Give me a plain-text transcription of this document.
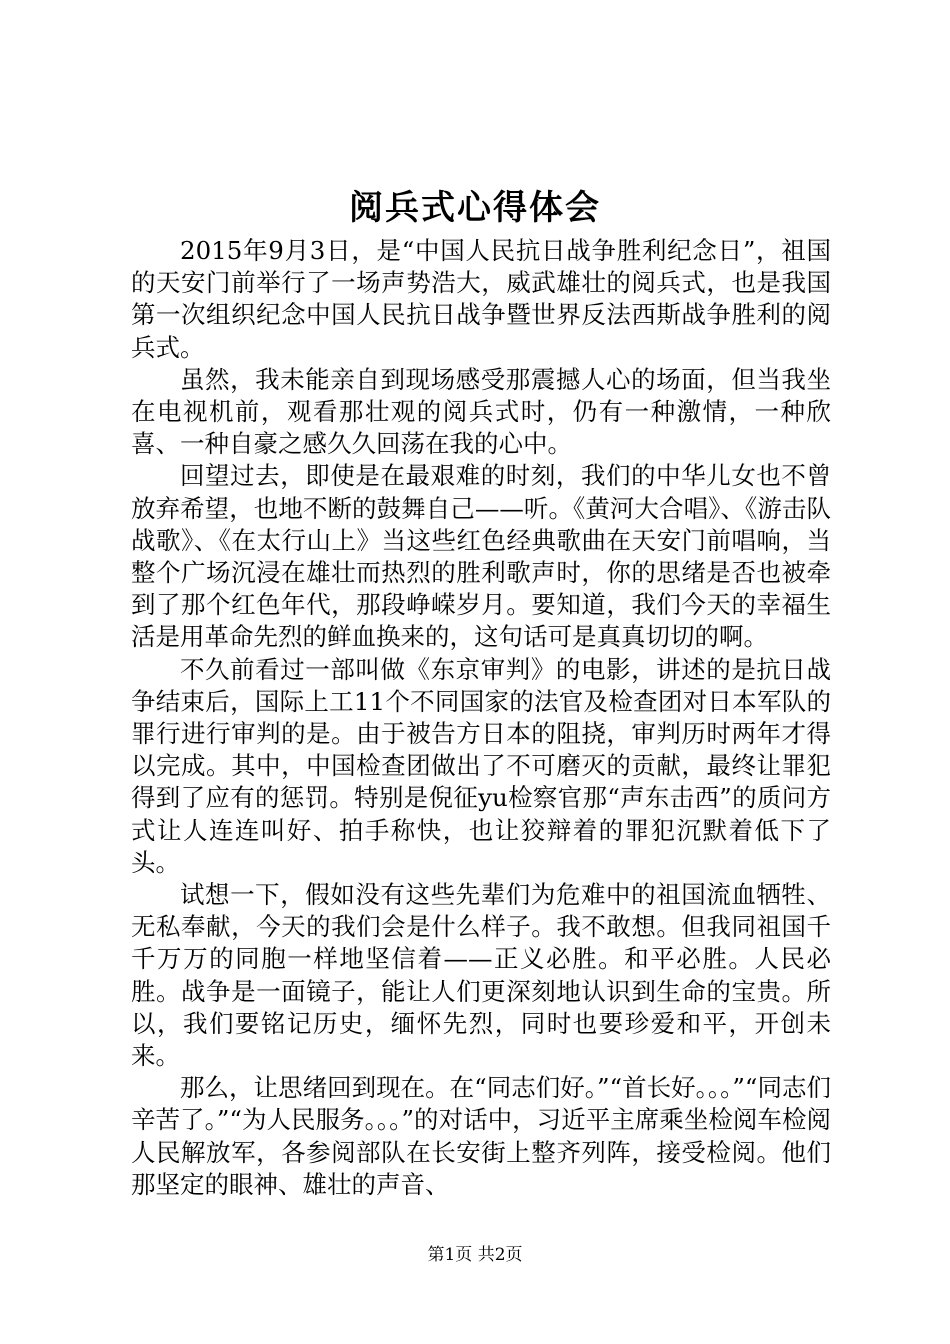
阅兵式心得体会

2015年9月3日，是“中国人民抗日战争胜利纪念日”，祖国的天安门前举行了一场声势浩大，威武雄壮的阅兵式，也是我国第一次组织纪念中国人民抗日战争暨世界反法西斯战争胜利的阅兵式。

虽然，我未能亲自到现场感受那震撼人心的场面，但当我坐在电视机前，观看那壮观的阅兵式时，仍有一种激情，一种欣喜、一种自豪之感久久回荡在我的心中。

回望过去，即使是在最艰难的时刻，我们的中华儿女也不曾放弃希望，也地不断的鼓舞自己——听。《黄河大合唱》、《游击队战歌》、《在太行山上》当这些红色经典歌曲在天安门前唱响，当整个广场沉浸在雄壮而热烈的胜利歌声时，你的思绪是否也被牵到了那个红色年代，那段峥嵘岁月。要知道，我们今天的幸福生活是用革命先烈的鲜血换来的，这句话可是真真切切的啊。

不久前看过一部叫做《东京审判》的电影，讲述的是抗日战争结束后，国际上工11个不同国家的法官及检查团对日本军队的罪行进行审判的是。由于被告方日本的阻挠，审判历时两年才得以完成。其中，中国检查团做出了不可磨灭的贡献，最终让罪犯得到了应有的惩罚。特别是倪征yu检察官那“声东击西”的质问方式让人连连叫好、拍手称快，也让狡辩着的罪犯沉默着低下了头。

试想一下，假如没有这些先辈们为危难中的祖国流血牺牲、无私奉献，今天的我们会是什么样子。我不敢想。但我同祖国千千万万的同胞一样地坚信着——正义必胜。和平必胜。人民必胜。战争是一面镜子，能让人们更深刻地认识到生命的宝贵。所以，我们要铭记历史，缅怀先烈，同时也要珍爱和平，开创未来。

那么，让思绪回到现在。在“同志们好。”“首长好。。。”“同志们辛苦了。”“为人民服务。。。”的对话中，习近平主席乘坐检阅车检阅人民解放军，各参阅部队在长安街上整齐列阵，接受检阅。他们那坚定的眼神、雄壮的声音、

第1页 共2页
